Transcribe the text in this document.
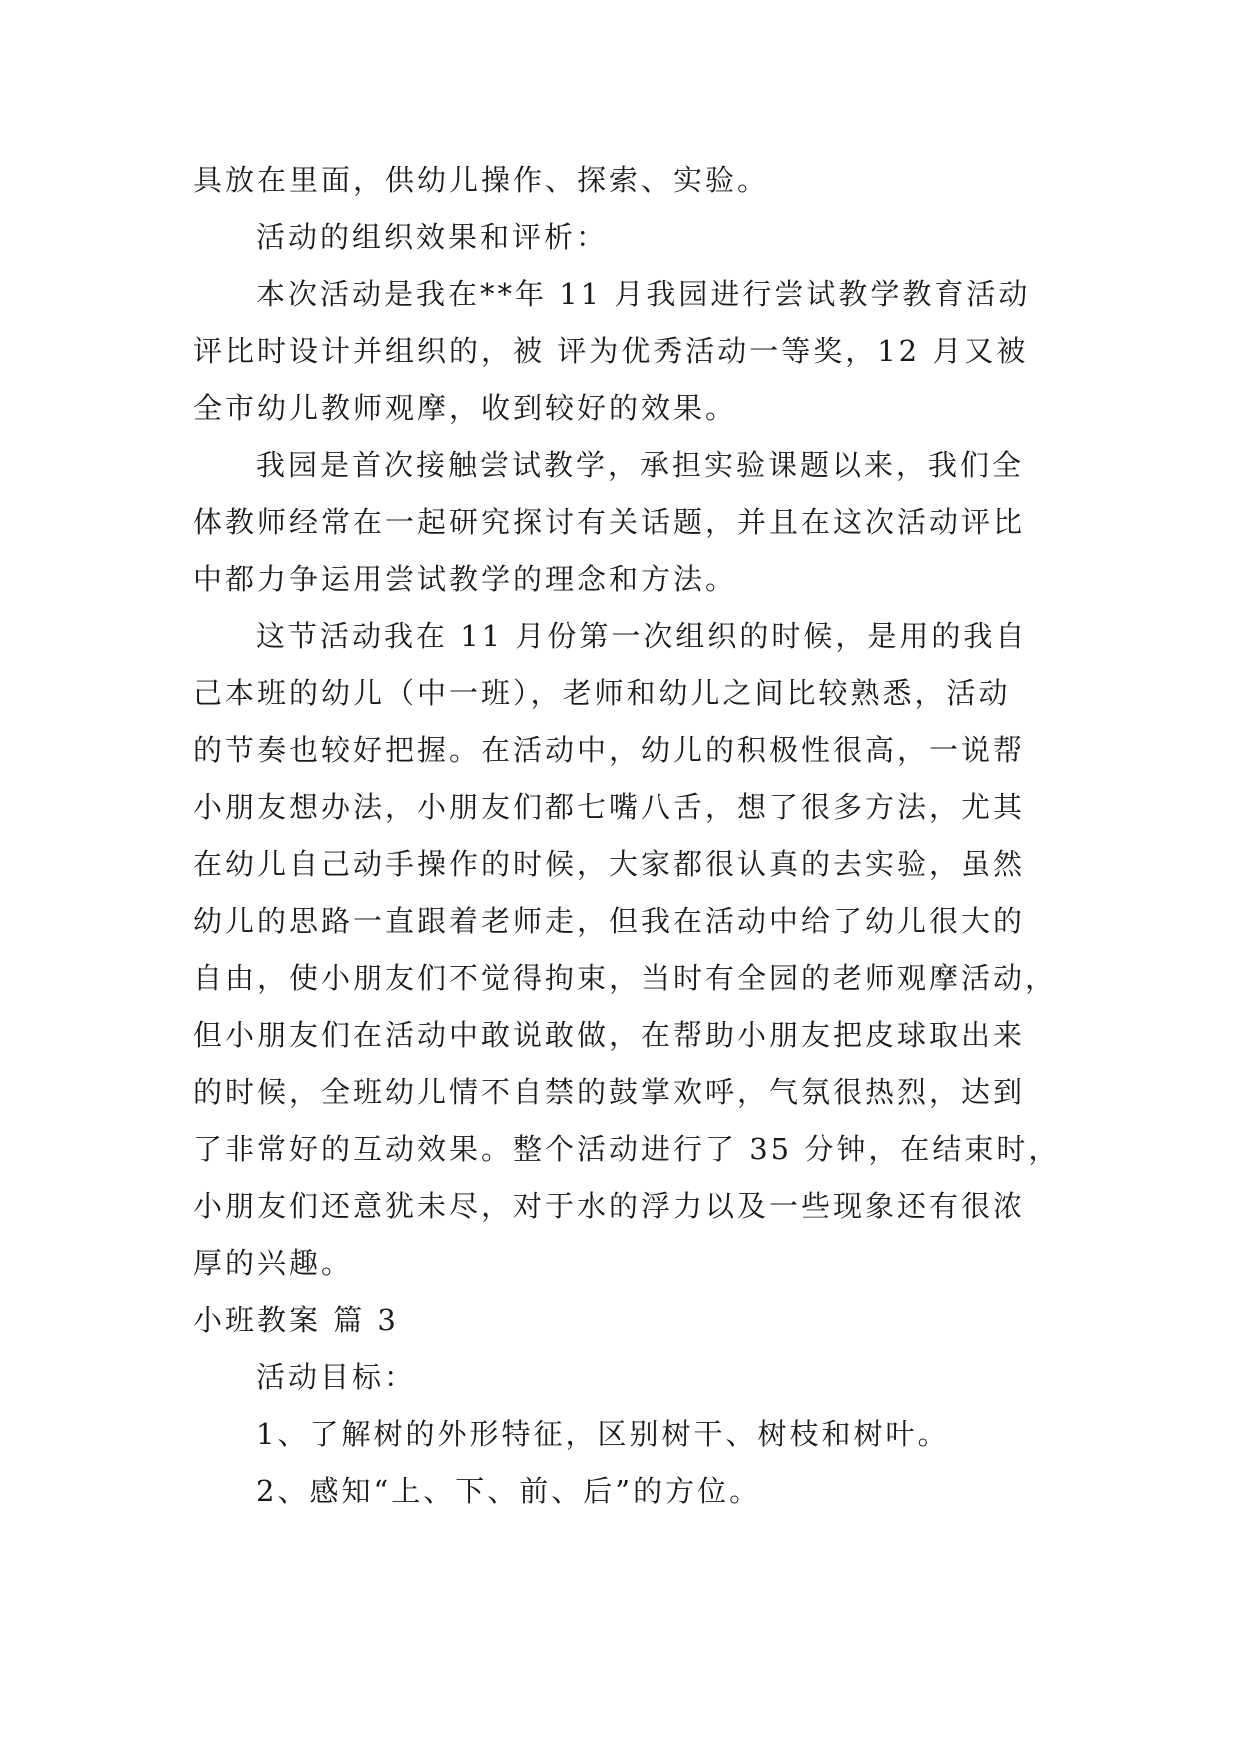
具放在里面，供幼儿操作、探索、实验。
活动的组织效果和评析：
本次活动是我在**年 11 月我园进行尝试教学教育活动
评比时设计并组织的，被 评为优秀活动一等奖，12 月又被
全市幼儿教师观摩，收到较好的效果。
我园是首次接触尝试教学，承担实验课题以来，我们全
体教师经常在一起研究探讨有关话题，并且在这次活动评比
中都力争运用尝试教学的理念和方法。
这节活动我在 11 月份第一次组织的时候，是用的我自
己本班的幼儿（中一班），老师和幼儿之间比较熟悉，活动
的节奏也较好把握。在活动中，幼儿的积极性很高，一说帮
小朋友想办法，小朋友们都七嘴八舌，想了很多方法，尤其
在幼儿自己动手操作的时候，大家都很认真的去实验，虽然
幼儿的思路一直跟着老师走，但我在活动中给了幼儿很大的
自由，使小朋友们不觉得拘束，当时有全园的老师观摩活动，
但小朋友们在活动中敢说敢做，在帮助小朋友把皮球取出来
的时候，全班幼儿情不自禁的鼓掌欢呼，气氛很热烈，达到
了非常好的互动效果。整个活动进行了 35 分钟，在结束时，
小朋友们还意犹未尽，对于水的浮力以及一些现象还有很浓
厚的兴趣。
小班教案 篇 3
活动目标：
1、了解树的外形特征，区别树干、树枝和树叶。
2、感知“上、下、前、后”的方位。
